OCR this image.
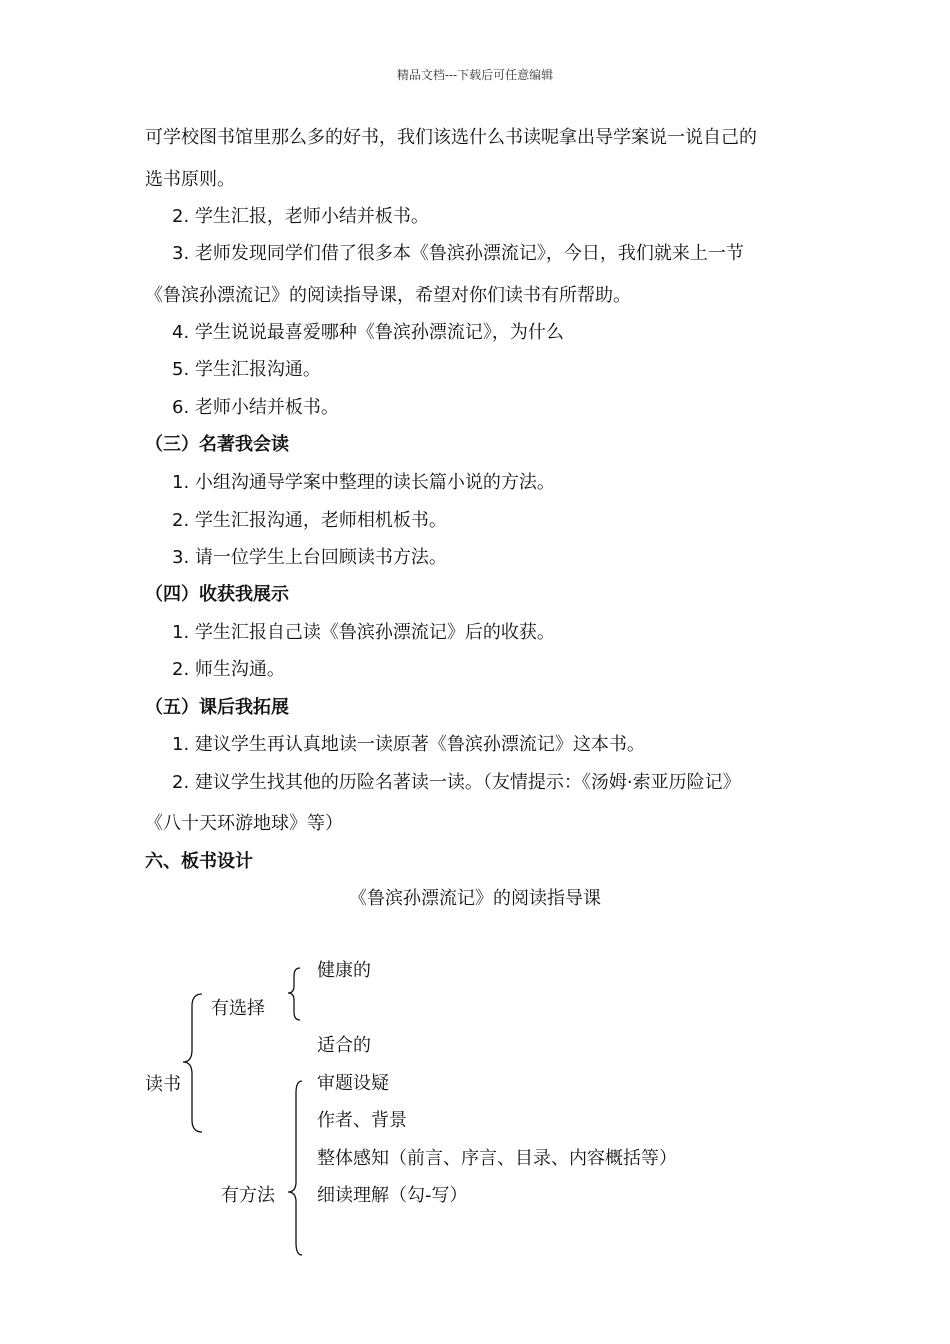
精品文档---下载后可任意编辑
可学校图书馆里那么多的好书，我们该选什么书读呢拿出导学案说一说自己的
选书原则。
2. 学生汇报，老师小结并板书。
3. 老师发现同学们借了很多本《鲁滨孙漂流记》，今日，我们就来上一节
《鲁滨孙漂流记》的阅读指导课，希望对你们读书有所帮助。
4. 学生说说最喜爱哪种《鲁滨孙漂流记》，为什么
5. 学生汇报沟通。
6. 老师小结并板书。
（三）名著我会读
1. 小组沟通导学案中整理的读长篇小说的方法。
2. 学生汇报沟通，老师相机板书。
3. 请一位学生上台回顾读书方法。
（四）收获我展示
1. 学生汇报自己读《鲁滨孙漂流记》后的收获。
2. 师生沟通。
（五）课后我拓展
1. 建议学生再认真地读一读原著《鲁滨孙漂流记》这本书。
2. 建议学生找其他的历险名著读一读。（友情提示：《汤姆·索亚历险记》
《八十天环游地球》等）
六、板书设计
《鲁滨孙漂流记》的阅读指导课
读书
有选择
健康的
适合的
有方法
审题设疑
作者、背景
整体感知（前言、序言、目录、内容概括等）
细读理解（勾-写）
